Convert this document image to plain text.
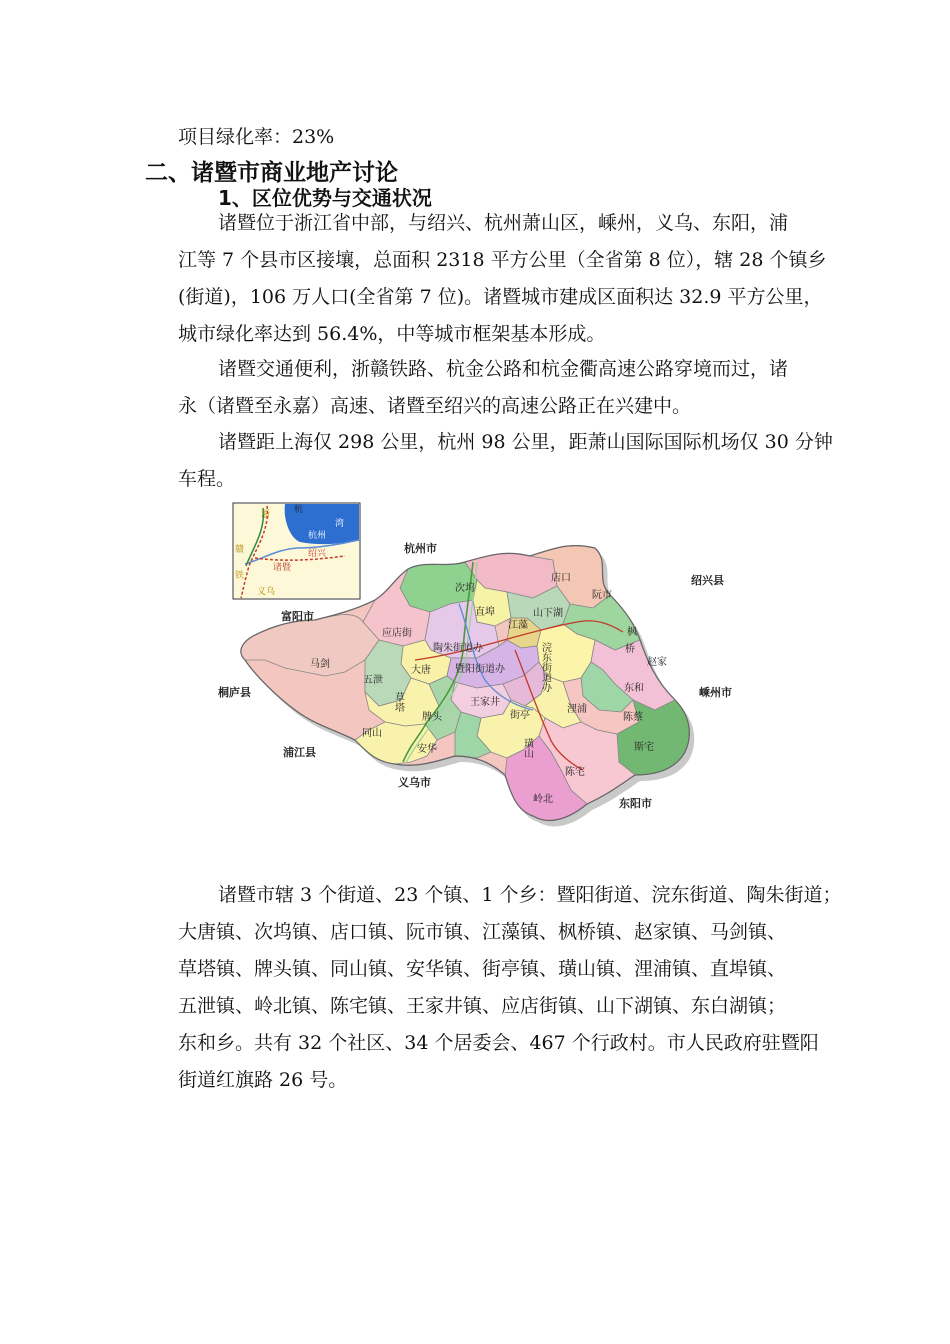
项目绿化率：23%
二、诸暨市商业地产讨论
1、区位优势与交通状况
诸暨位于浙江省中部，与绍兴、杭州萧山区，嵊州，义乌、东阳，浦
江等 7 个县市区接壤，总面积 2318 平方公里（全省第 8 位），辖 28 个镇乡
(街道)，106 万人口(全省第 7 位)。诸暨城市建成区面积达 32.9 平方公里，
城市绿化率达到 56.4%，中等城市框架基本形成。
诸暨交通便利，浙赣铁路、杭金公路和杭金衢高速公路穿境而过，诸
永（诸暨至永嘉）高速、诸暨至绍兴的高速公路正在兴建中。
诸暨距上海仅 298 公里，杭州 98 公里，距萧山国际国际机场仅 30 分钟
车程。
浙	杭
湾
杭州
赣	绍兴
诸暨
铁
义乌
杭州市
绍兴县
富阳市
桐庐县	嵊州市
浦江县
义乌市
东阳市
次坞
店口
阮市
直埠	山下湖
江藻
枫
桥
赵家
应店街
陶朱街道办	浣东街道办
马剑
大唐 暨阳街道办
五泄
草塔	王家井
东和
陈蔡
牌头	街亭
浬浦
同山
安华	璜山	斯宅
陈宅
岭北
诸暨市辖 3 个街道、23 个镇、1 个乡：暨阳街道、浣东街道、陶朱街道；
大唐镇、次坞镇、店口镇、阮市镇、江藻镇、枫桥镇、赵家镇、马剑镇、
草塔镇、牌头镇、同山镇、安华镇、街亭镇、璜山镇、浬浦镇、直埠镇、
五泄镇、岭北镇、陈宅镇、王家井镇、应店街镇、山下湖镇、东白湖镇；
东和乡。共有 32 个社区、34 个居委会、467 个行政村。市人民政府驻暨阳
街道红旗路 26 号。
